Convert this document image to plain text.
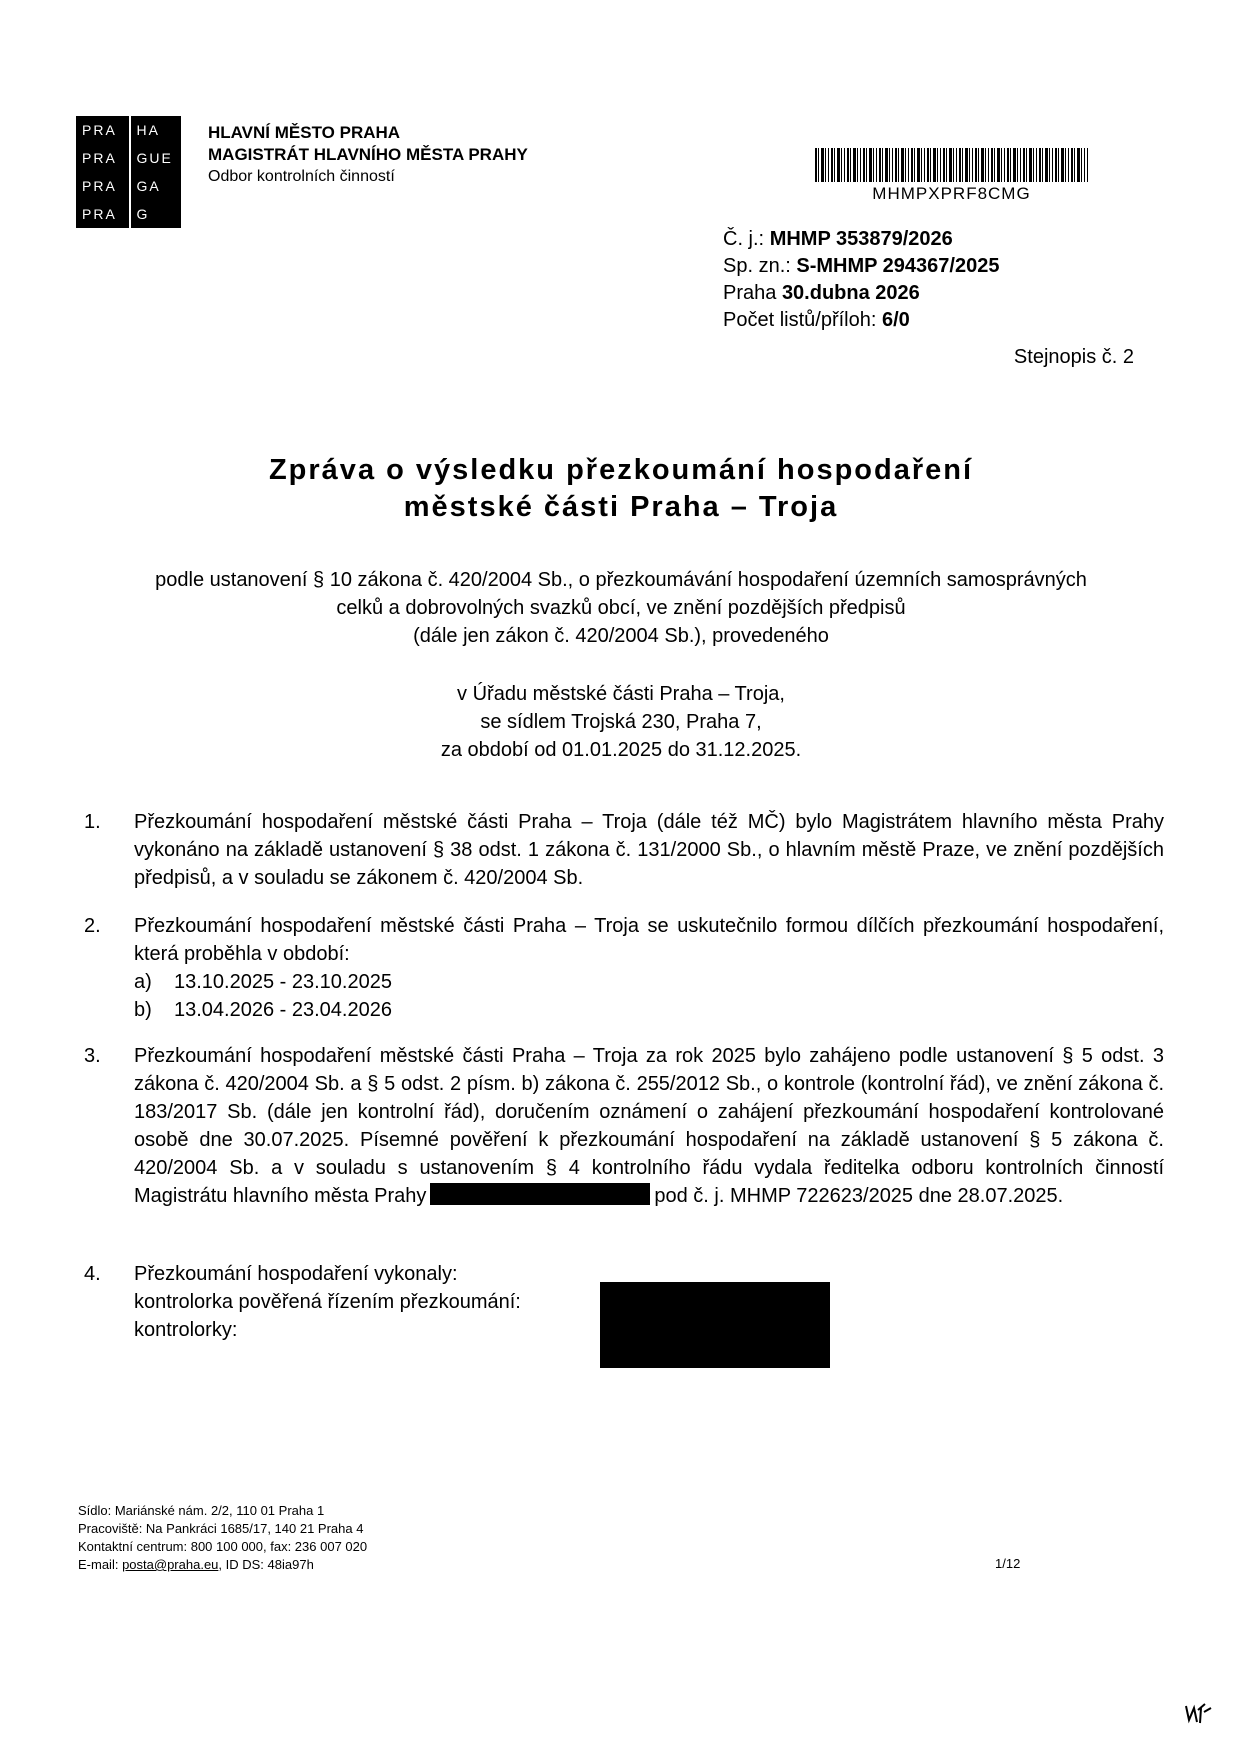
PRA	HA
PRA	GUE
PRA	GA
PRA	G
HLAVNÍ MĚSTO PRAHA
MAGISTRÁT HLAVNÍHO MĚSTA PRAHY
Odbor kontrolních činností
MHMPXPRF8CMG
Č. j.: MHMP 353879/2026
Sp. zn.: S-MHMP 294367/2025
Praha 30.dubna 2026
Počet listů/příloh: 6/0
Stejnopis č. 2
Zpráva o výsledku přezkoumání hospodaření
městské části Praha – Troja
podle ustanovení § 10 zákona č. 420/2004 Sb., o přezkoumávání hospodaření územních samosprávných
celků a dobrovolných svazků obcí, ve znění pozdějších předpisů
(dále jen zákon č. 420/2004 Sb.), provedeného
v Úřadu městské části Praha – Troja,
se sídlem Trojská 230, Praha 7,
za období od 01.01.2025 do 31.12.2025.
1. Přezkoumání hospodaření městské části Praha – Troja (dále též MČ) bylo Magistrátem hlavního města Prahy vykonáno na základě ustanovení § 38 odst. 1 zákona č. 131/2000 Sb., o hlavním městě Praze, ve znění pozdějších předpisů, a v souladu se zákonem č. 420/2004 Sb.
2. Přezkoumání hospodaření městské části Praha – Troja se uskutečnilo formou dílčích přezkoumání hospodaření, která proběhla v období:
a) 13.10.2025 - 23.10.2025
b) 13.04.2026 - 23.04.2026
3. Přezkoumání hospodaření městské části Praha – Troja za rok 2025 bylo zahájeno podle ustanovení § 5 odst. 3 zákona č. 420/2004 Sb. a § 5 odst. 2 písm. b) zákona č. 255/2012 Sb., o kontrole (kontrolní řád), ve znění zákona č. 183/2017 Sb. (dále jen kontrolní řád), doručením oznámení o zahájení přezkoumání hospodaření kontrolované osobě dne 30.07.2025. Písemné pověření k přezkoumání hospodaření na základě ustanovení § 5 zákona č. 420/2004 Sb. a v souladu s ustanovením § 4 kontrolního řádu vydala ředitelka odboru kontrolních činností Magistrátu hlavního města Prahy	pod č. j. MHMP 722623/2025 dne 28.07.2025.
4. Přezkoumání hospodaření vykonaly:
kontrolorka pověřená řízením přezkoumání:
kontrolorky:
Sídlo: Mariánské nám. 2/2, 110 01 Praha 1
Pracoviště: Na Pankráci 1685/17, 140 21 Praha 4
Kontaktní centrum: 800 100 000, fax: 236 007 020
E-mail: posta@praha.eu, ID DS: 48ia97h	1/12
